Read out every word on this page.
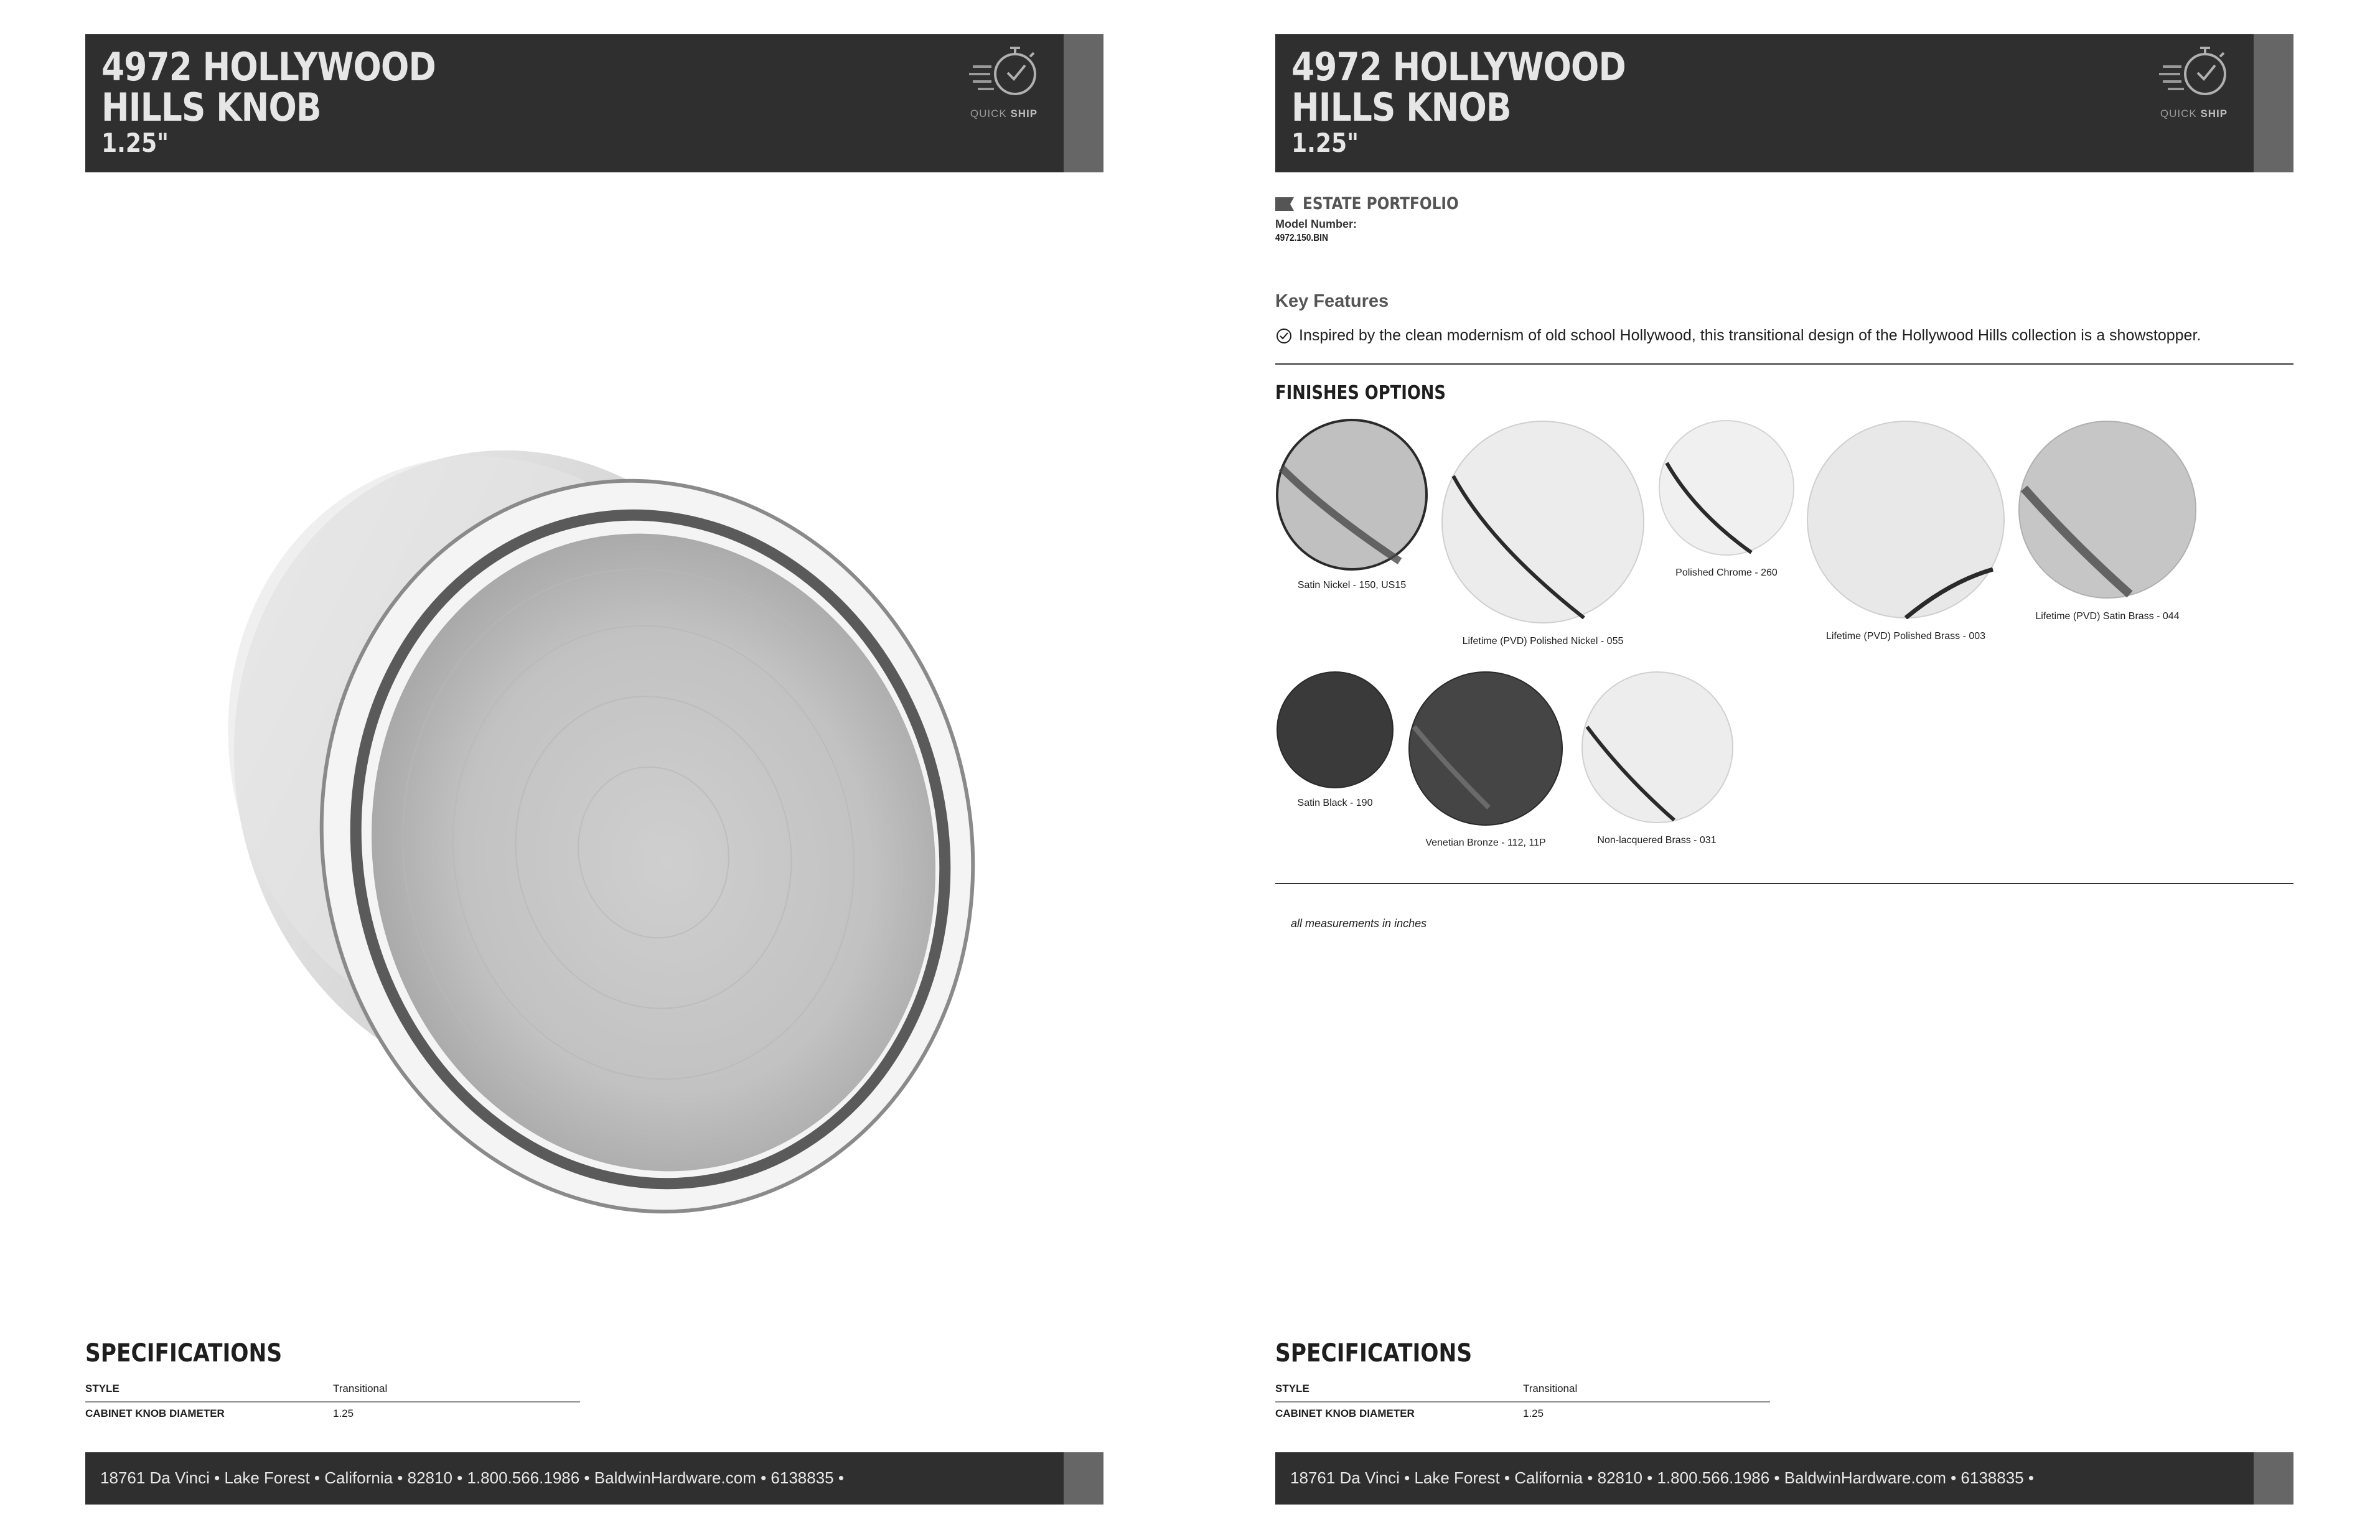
4972 HOLLYWOOD
HILLS KNOB
1.25"
QUICK SHIP
SPECIFICATIONS
STYLE	Transitional
CABINET KNOB DIAMETER	1.25
18761 Da Vinci • Lake Forest • California • 82810 • 1.800.566.1986 • BaldwinHardware.com • 6138835 •
4972 HOLLYWOOD
HILLS KNOB
1.25"
QUICK SHIP
ESTATE PORTFOLIO
Model Number:
4972.150.BIN
Key Features
Inspired by the clean modernism of old school Hollywood, this transitional design of the Hollywood Hills collection is a showstopper.
FINISHES OPTIONS
Satin Nickel - 150, US15
Lifetime (PVD) Polished Nickel - 055
Polished Chrome - 260
Lifetime (PVD) Polished Brass - 003
Lifetime (PVD) Satin Brass - 044
Satin Black - 190
Venetian Bronze - 112, 11P	Non-lacquered Brass - 031
all measurements in inches
SPECIFICATIONS
STYLE	Transitional
CABINET KNOB DIAMETER	1.25
18761 Da Vinci • Lake Forest • California • 82810 • 1.800.566.1986 • BaldwinHardware.com • 6138835 •
